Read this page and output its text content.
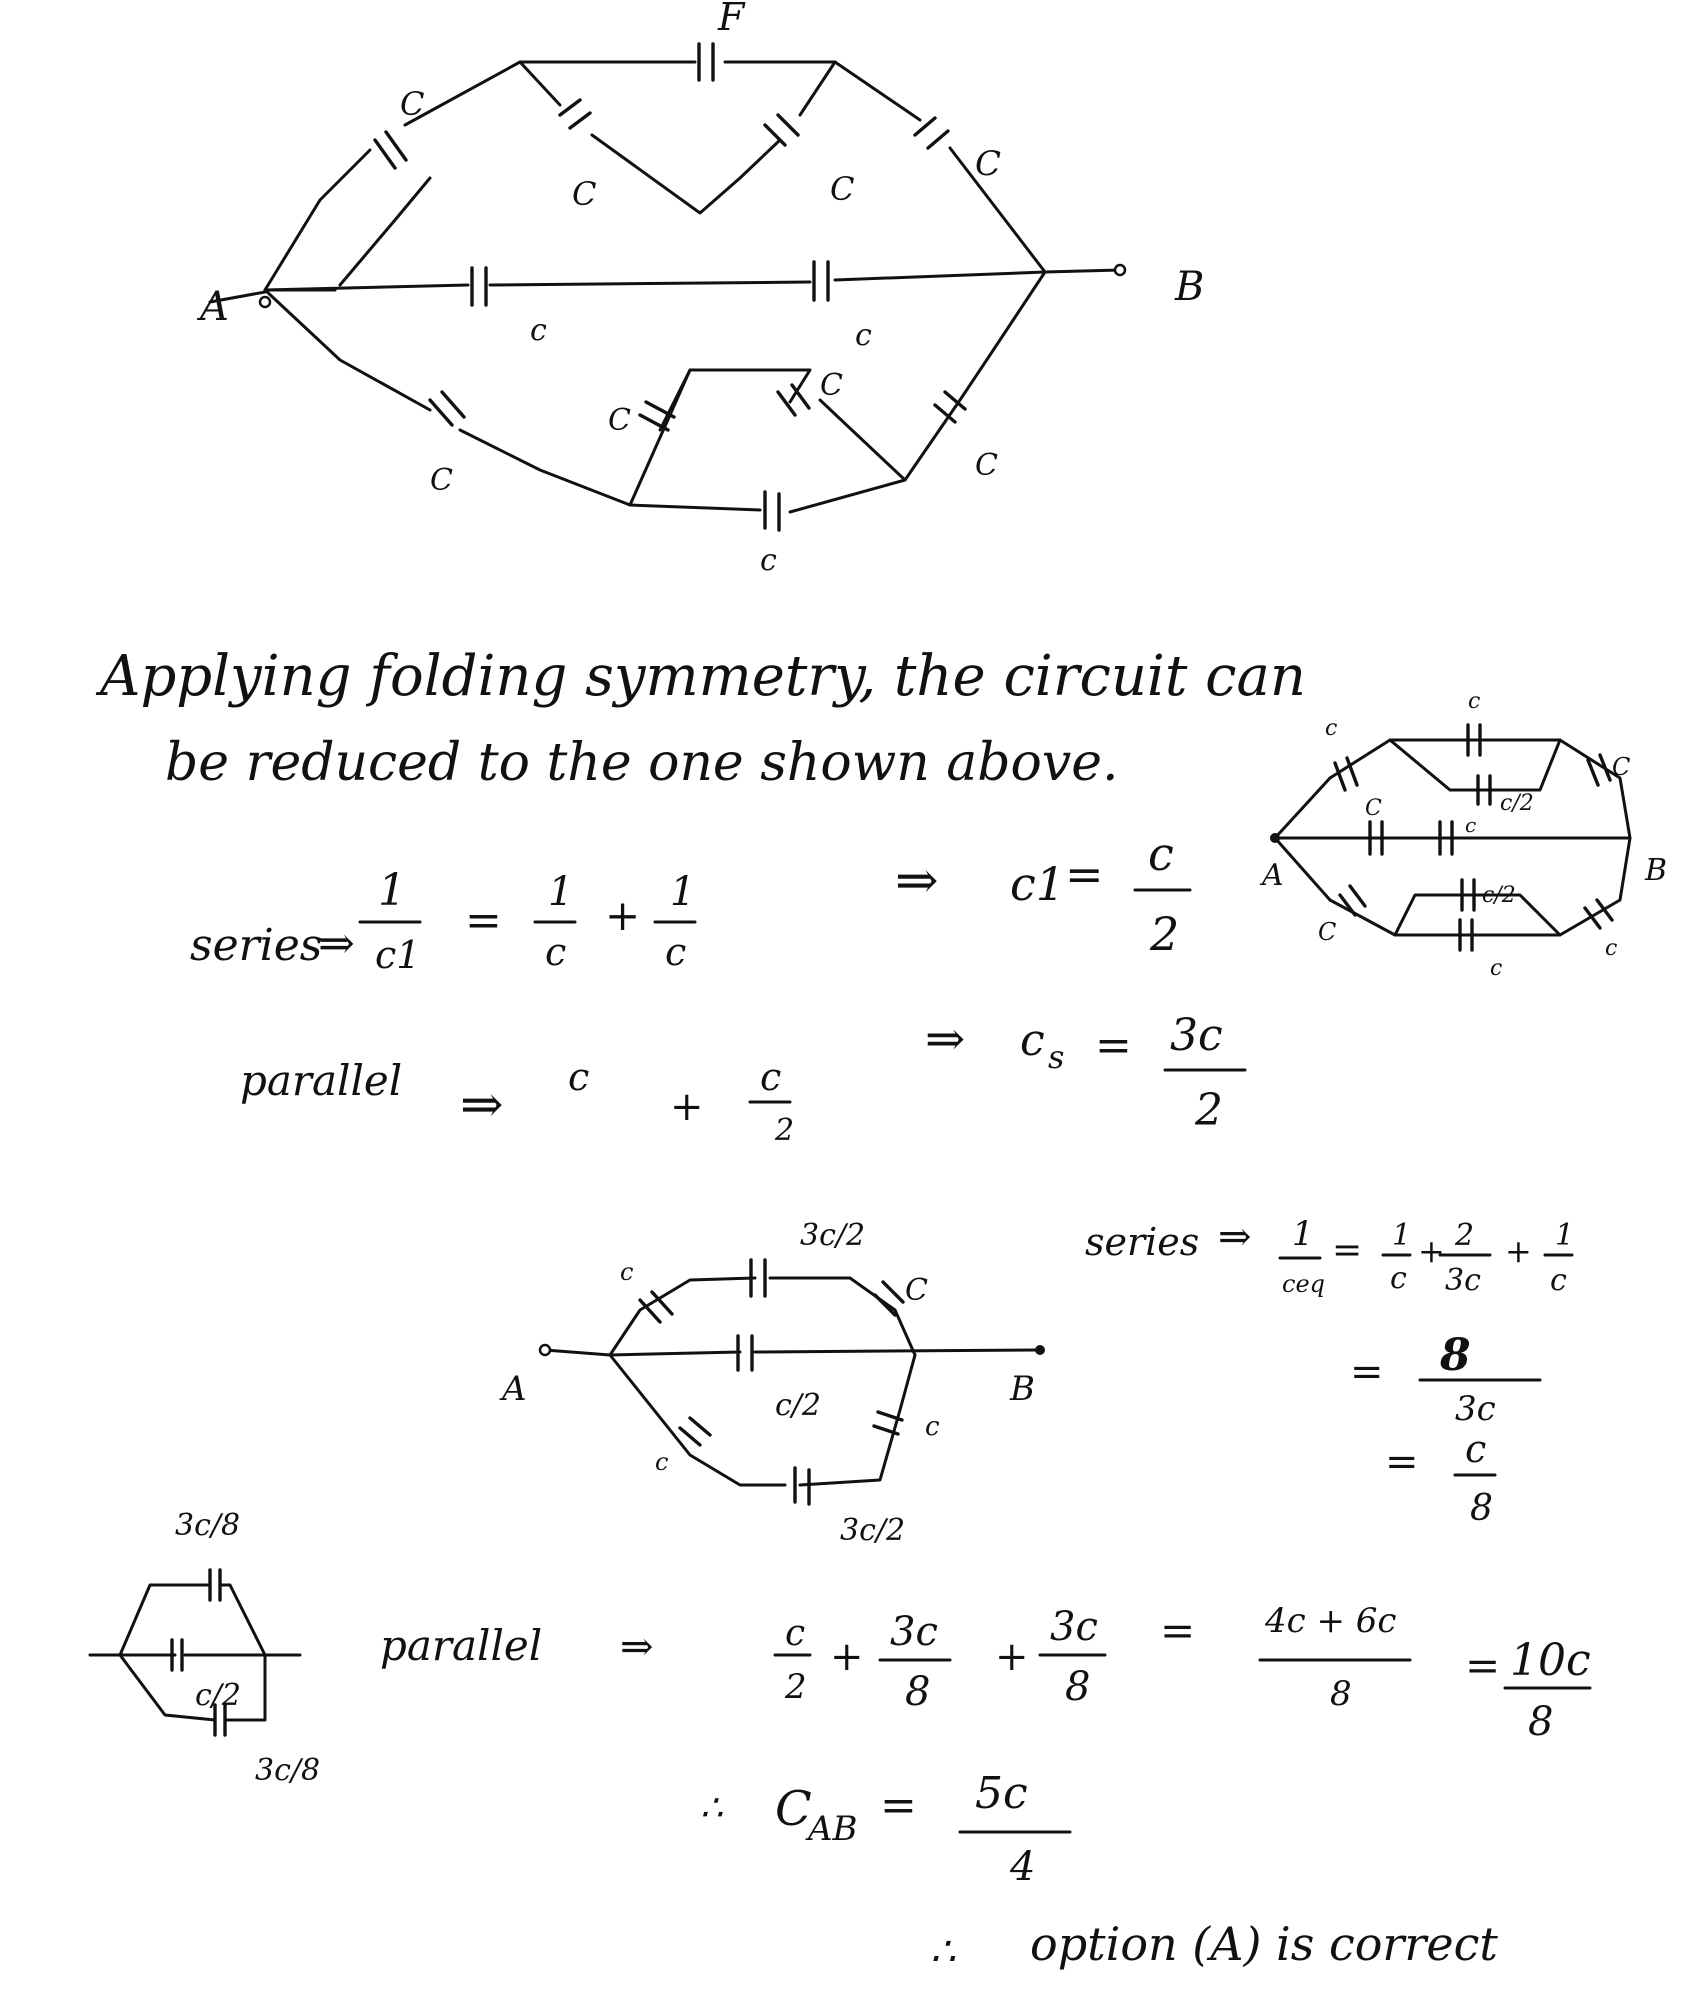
A	B
F
C
C	C
C
c	c
C
C
C
C
c
Applying folding symmetry, the circuit can
be reduced to the one shown above.
A	B
c
c
C
c/2
C
c
c/2
C
c
c
series
⇒
1
c1
=
1
c
+ 1
c
⇒ c1 = c
2
parallel ⇒ c
+
c
2
⇒ c s = 3c
2
A	B
3c/2
c
C
c/2
c
c
3c/2
series ⇒ 1
ceq
= 1
c
+ 2
3c
+ 1
c
= 8
3c
= c
8
3c/8
c/2
3c/8
parallel ⇒	c
2
+
3c
8
+
3c
8
= 4c + 6c
8
= 10c
8
∴ C
AB = 5c
4
∴ option (A) is correct
